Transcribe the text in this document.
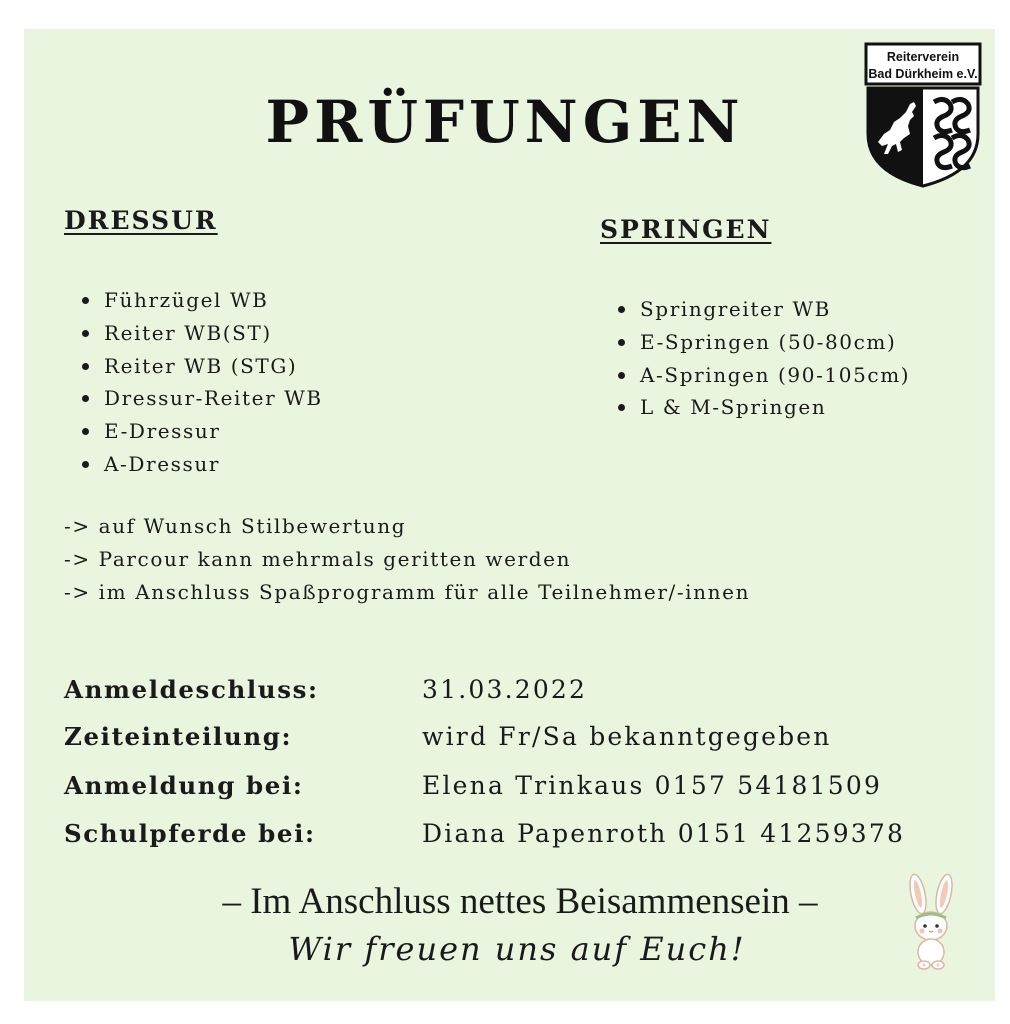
PRÜFUNGEN
Reiterverein
Bad Dürkheim e.V.
DRESSUR	SPRINGEN
Führzügel WB
Reiter WB(ST)
Reiter WB (STG)
Dressur-Reiter WB
E-Dressur
A-Dressur
Springreiter WB
E-Springen (50-80cm)
A-Springen (90-105cm)
L & M-Springen
-> auf Wunsch Stilbewertung
-> Parcour kann mehrmals geritten werden
-> im Anschluss Spaßprogramm für alle Teilnehmer/-innen
Anmeldeschluss:	31.03.2022
Zeiteinteilung:	wird Fr/Sa bekanntgegeben
Anmeldung bei:	Elena Trinkaus 0157 54181509
Schulpferde bei:	Diana Papenroth 0151 41259378
– Im Anschluss nettes Beisammensein –
Wir freuen uns auf Euch!
